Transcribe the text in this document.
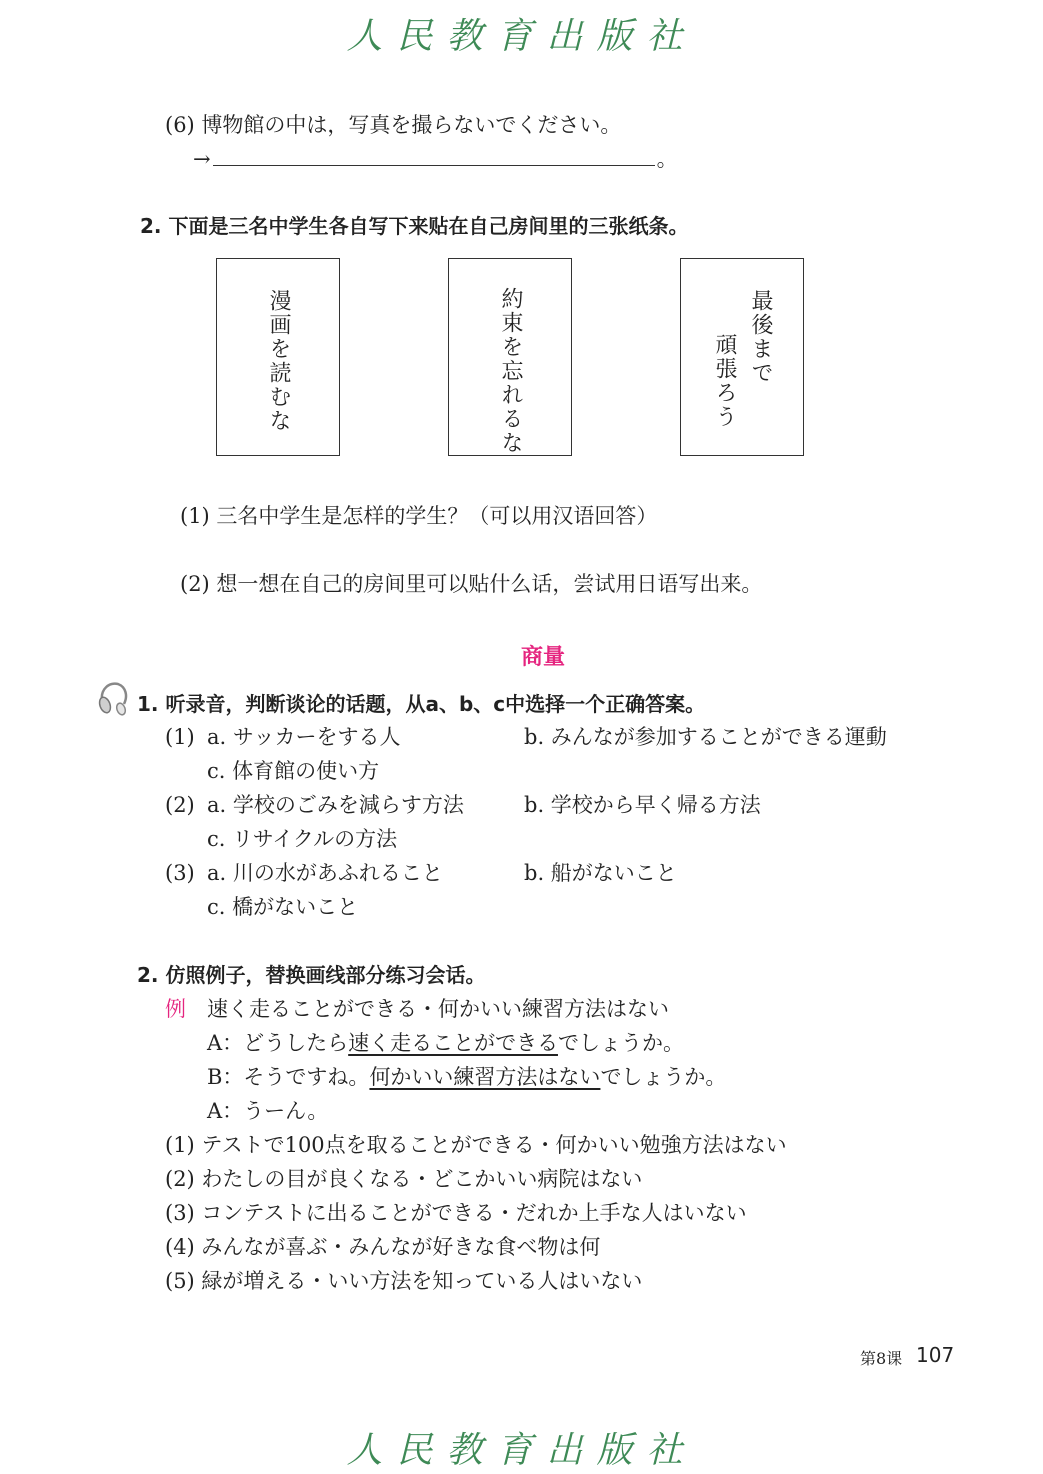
人民教育出版社
(6) 博物館の中は，写真を撮らないでください。
→	。
2. 下面是三名中学生各自写下来贴在自己房间里的三张纸条。
漫画を読むな	約束を忘れるな	最後まで
頑張ろう
(1) 三名中学生是怎样的学生？（可以用汉语回答）
(2) 想一想在自己的房间里可以贴什么话，尝试用日语写出来。
商量
1. 听录音，判断谈论的话题，从a、b、c中选择一个正确答案。
(1) a. サッカーをする人	b. みんなが参加することができる運動
c. 体育館の使い方
(2) a. 学校のごみを減らす方法	b. 学校から早く帰る方法
c. リサイクルの方法
(3) a. 川の水があふれること	b. 船がないこと
c. 橋がないこと
2. 仿照例子，替换画线部分练习会话。
例 速く走ることができる・何かいい練習方法はない
A：どうしたら速く走ることができるでしょうか。
B：そうですね。何かいい練習方法はないでしょうか。
A：うーん。
(1) テストで100点を取ることができる・何かいい勉強方法はない
(2) わたしの目が良くなる・どこかいい病院はない
(3) コンテストに出ることができる・だれか上手な人はいない
(4) みんなが喜ぶ・みんなが好きな食べ物は何
(5) 緑が増える・いい方法を知っている人はいない
第8课 107
人民教育出版社
